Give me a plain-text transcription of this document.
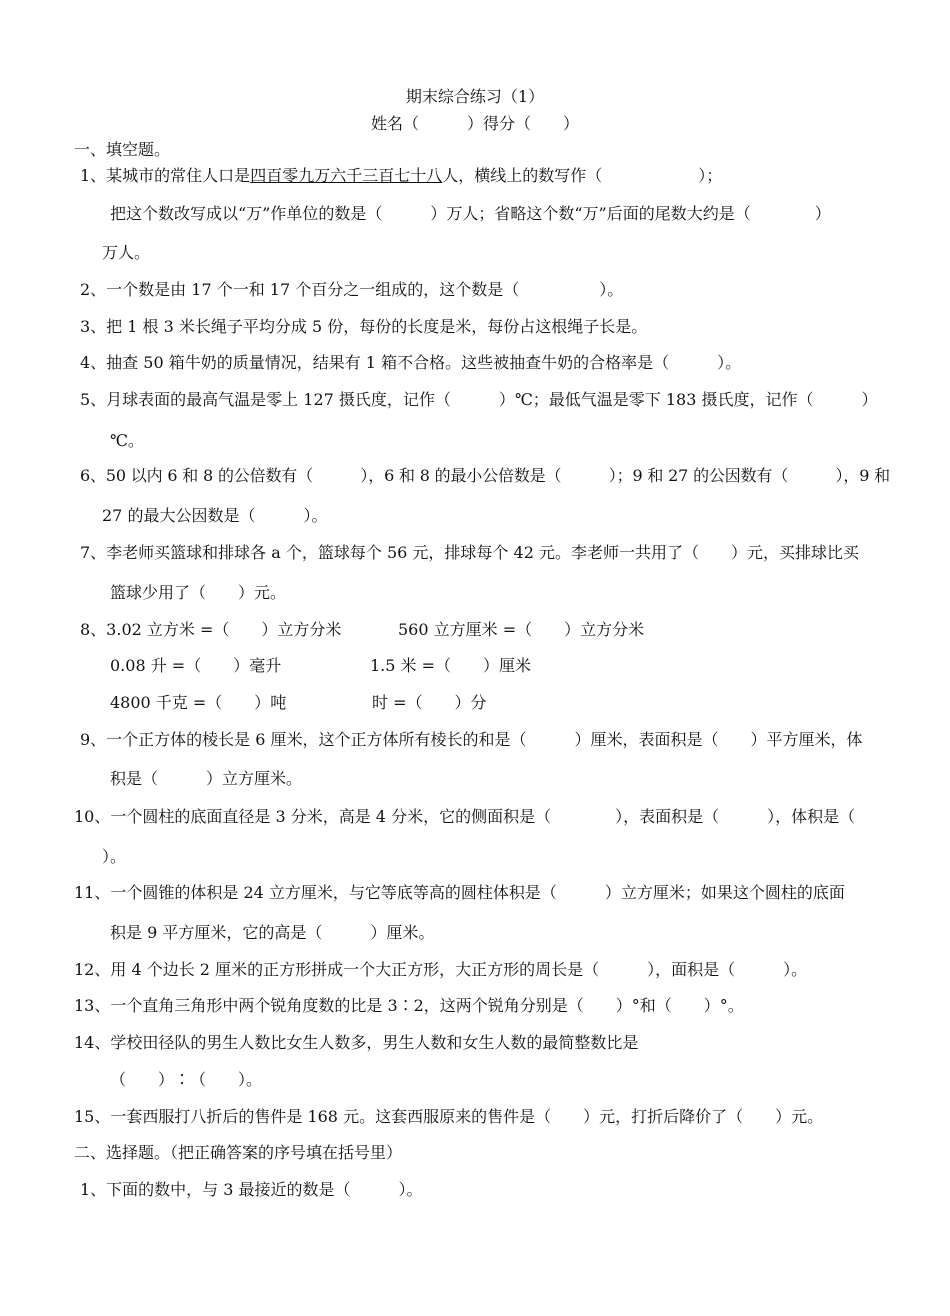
期末综合练习（1）
姓名（　　　）得分（　　）
一、填空题。
1、某城市的常住人口是四百零九万六千三百七十八人，横线上的数写作（　　　　　　）；
把这个数改写成以“万”作单位的数是（　　　）万人；省略这个数“万”后面的尾数大约是（　　　　）
万人。
2、一个数是由 17 个一和 17 个百分之一组成的，这个数是（　　　　　）。
3、把 1 根 3 米长绳子平均分成 5 份，每份的长度是米，每份占这根绳子长是。
4、抽查 50 箱牛奶的质量情况，结果有 1 箱不合格。这些被抽查牛奶的合格率是（　　　）。
5、月球表面的最高气温是零上 127 摄氏度，记作（　　　）℃；最低气温是零下 183 摄氏度，记作（　　　）
℃。
6、50 以内 6 和 8 的公倍数有（　　　），6 和 8 的最小公倍数是（　　　）；9 和 27 的公因数有（　　　），9 和
27 的最大公因数是（　　　）。
7、李老师买篮球和排球各 a 个，篮球每个 56 元，排球每个 42 元。李老师一共用了（　　）元，买排球比买
篮球少用了（　　）元。
8、3.02 立方米 =（　　）立方分米	560 立方厘米 =（　　）立方分米
0.08 升 =（　　）毫升	1.5 米 =（　　）厘米
4800 千克 =（　　）吨	时 =（　　）分
9、一个正方体的棱长是 6 厘米，这个正方体所有棱长的和是（　　　）厘米，表面积是（　　）平方厘米，体
积是（　　　）立方厘米。
10、一个圆柱的底面直径是 3 分米，高是 4 分米，它的侧面积是（　　　　），表面积是（　　　），体积是（
）。
11、一个圆锥的体积是 24 立方厘米，与它等底等高的圆柱体积是（　　　）立方厘米；如果这个圆柱的底面
积是 9 平方厘米，它的高是（　　　）厘米。
12、用 4 个边长 2 厘米的正方形拼成一个大正方形，大正方形的周长是（　　　），面积是（　　　）。
13、一个直角三角形中两个锐角度数的比是 3∶2，这两个锐角分别是（　　）°和（　　）°。
14、学校田径队的男生人数比女生人数多，男生人数和女生人数的最简整数比是
（　　）∶（　　）。
15、一套西服打八折后的售件是 168 元。这套西服原来的售件是（　　）元，打折后降价了（　　）元。
二、选择题。（把正确答案的序号填在括号里）
1、下面的数中，与 3 最接近的数是（　　　）。
